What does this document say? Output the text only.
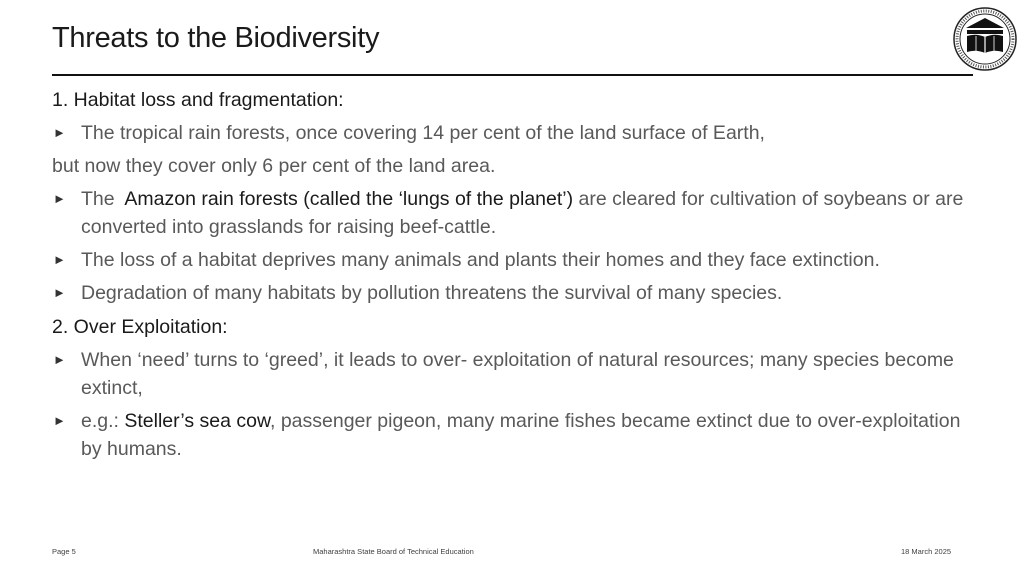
Threats to the Biodiversity
1. Habitat loss and fragmentation:
► The tropical rain forests, once covering 14 per cent of the land surface of Earth,
but now they cover only 6 per cent of the land area.
► The Amazon rain forests (called the ‘lungs of the planet’) are cleared for cultivation of soybeans or are converted into grasslands for raising beef-cattle.
► The loss of a habitat deprives many animals and plants their homes and they face extinction.
► Degradation of many habitats by pollution threatens the survival of many species.
2. Over Exploitation:
► When ‘need’ turns to ‘greed’, it leads to over- exploitation of natural resources; many species become extinct,
► e.g.: Steller’s sea cow, passenger pigeon, many marine fishes became extinct due to over-exploitation by humans.
Page 5	Maharashtra State Board of Technical Education	18 March 2025
